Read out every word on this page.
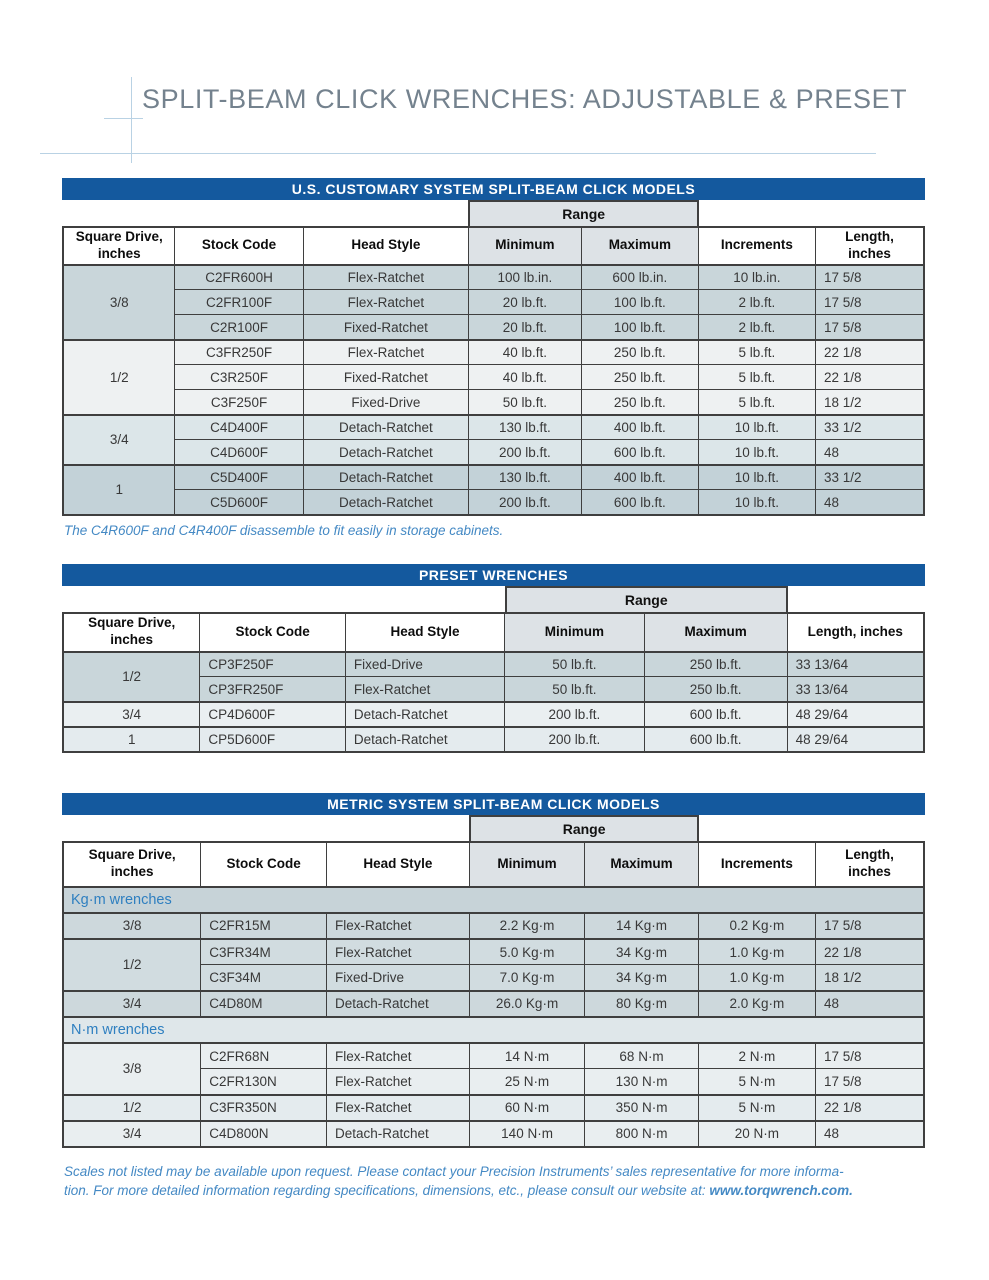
SPLIT-BEAM CLICK WRENCHES: ADJUSTABLE & PRESET
U.S. CUSTOMARY SYSTEM SPLIT-BEAM CLICK MODELS
Range
Square Drive, inches	Stock Code	Head Style	Minimum	Maximum	Increments	Length, inches
3/8	C2FR600H	Flex-Ratchet	100 lb.in.	600 lb.in.	10 lb.in.	17 5/8
	C2FR100F	Flex-Ratchet	20 lb.ft.	100 lb.ft.	2 lb.ft.	17 5/8
	C2R100F	Fixed-Ratchet	20 lb.ft.	100 lb.ft.	2 lb.ft.	17 5/8
1/2	C3FR250F	Flex-Ratchet	40 lb.ft.	250 lb.ft.	5 lb.ft.	22 1/8
	C3R250F	Fixed-Ratchet	40 lb.ft.	250 lb.ft.	5 lb.ft.	22 1/8
	C3F250F	Fixed-Drive	50 lb.ft.	250 lb.ft.	5 lb.ft.	18 1/2
3/4	C4D400F	Detach-Ratchet	130 lb.ft.	400 lb.ft.	10 lb.ft.	33 1/2
	C4D600F	Detach-Ratchet	200 lb.ft.	600 lb.ft.	10 lb.ft.	48
1	C5D400F	Detach-Ratchet	130 lb.ft.	400 lb.ft.	10 lb.ft.	33 1/2
	C5D600F	Detach-Ratchet	200 lb.ft.	600 lb.ft.	10 lb.ft.	48

The C4R600F and C4R400F disassemble to fit easily in storage cabinets.

PRESET WRENCHES
Range
Square Drive, inches	Stock Code	Head Style	Minimum	Maximum	Length, inches
1/2	CP3F250F	Fixed-Drive	50 lb.ft.	250 lb.ft.	33 13/64
	CP3FR250F	Flex-Ratchet	50 lb.ft.	250 lb.ft.	33 13/64
3/4	CP4D600F	Detach-Ratchet	200 lb.ft.	600 lb.ft.	48 29/64
1	CP5D600F	Detach-Ratchet	200 lb.ft.	600 lb.ft.	48 29/64
METRIC SYSTEM SPLIT-BEAM CLICK MODELS
Range
Square Drive, inches	Stock Code	Head Style	Minimum	Maximum	Increments	Length, inches
Kg·m wrenches						
3/8	C2FR15M	Flex-Ratchet	2.2 Kg·m	14 Kg·m	0.2 Kg·m	17 5/8
1/2	C3FR34M	Flex-Ratchet	5.0 Kg·m	34 Kg·m	1.0 Kg·m	22 1/8
	C3F34M	Fixed-Drive	7.0 Kg·m	34 Kg·m	1.0 Kg·m	18 1/2
3/4	C4D80M	Detach-Ratchet	26.0 Kg·m	80 Kg·m	2.0 Kg·m	48
N·m wrenches						
3/8	C2FR68N	Flex-Ratchet	14 N·m	68 N·m	2 N·m	17 5/8
	C2FR130N	Flex-Ratchet	25 N·m	130 N·m	5 N·m	17 5/8
1/2	C3FR350N	Flex-Ratchet	60 N·m	350 N·m	5 N·m	22 1/8
3/4	C4D800N	Detach-Ratchet	140 N·m	800 N·m	20 N·m	48

Scales not listed may be available upon request. Please contact your Precision Instruments’ sales representative for more informa-
tion. For more detailed information regarding specifications, dimensions, etc., please consult our website at: www.torqwrench.com.
